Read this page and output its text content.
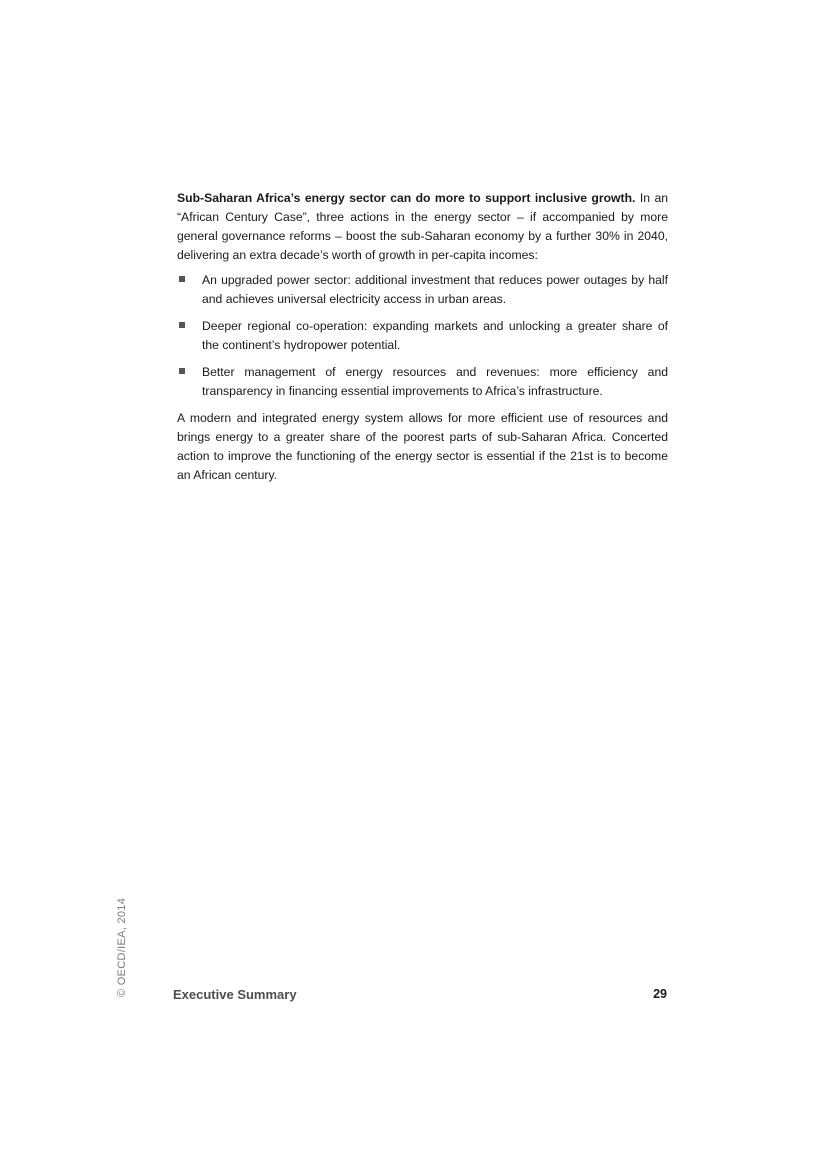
Sub-Saharan Africa’s energy sector can do more to support inclusive growth. In an “African Century Case”, three actions in the energy sector – if accompanied by more general governance reforms – boost the sub-Saharan economy by a further 30% in 2040, delivering an extra decade’s worth of growth in per-capita incomes:

An upgraded power sector: additional investment that reduces power outages by half and achieves universal electricity access in urban areas.
Deeper regional co-operation: expanding markets and unlocking a greater share of the continent’s hydropower potential.
Better management of energy resources and revenues: more efficiency and transparency in financing essential improvements to Africa’s infrastructure.

A modern and integrated energy system allows for more efficient use of resources and brings energy to a greater share of the poorest parts of sub-Saharan Africa. Concerted action to improve the functioning of the energy sector is essential if the 21st is to become an African century.

© OECD/IEA, 2014	Executive Summary	29
